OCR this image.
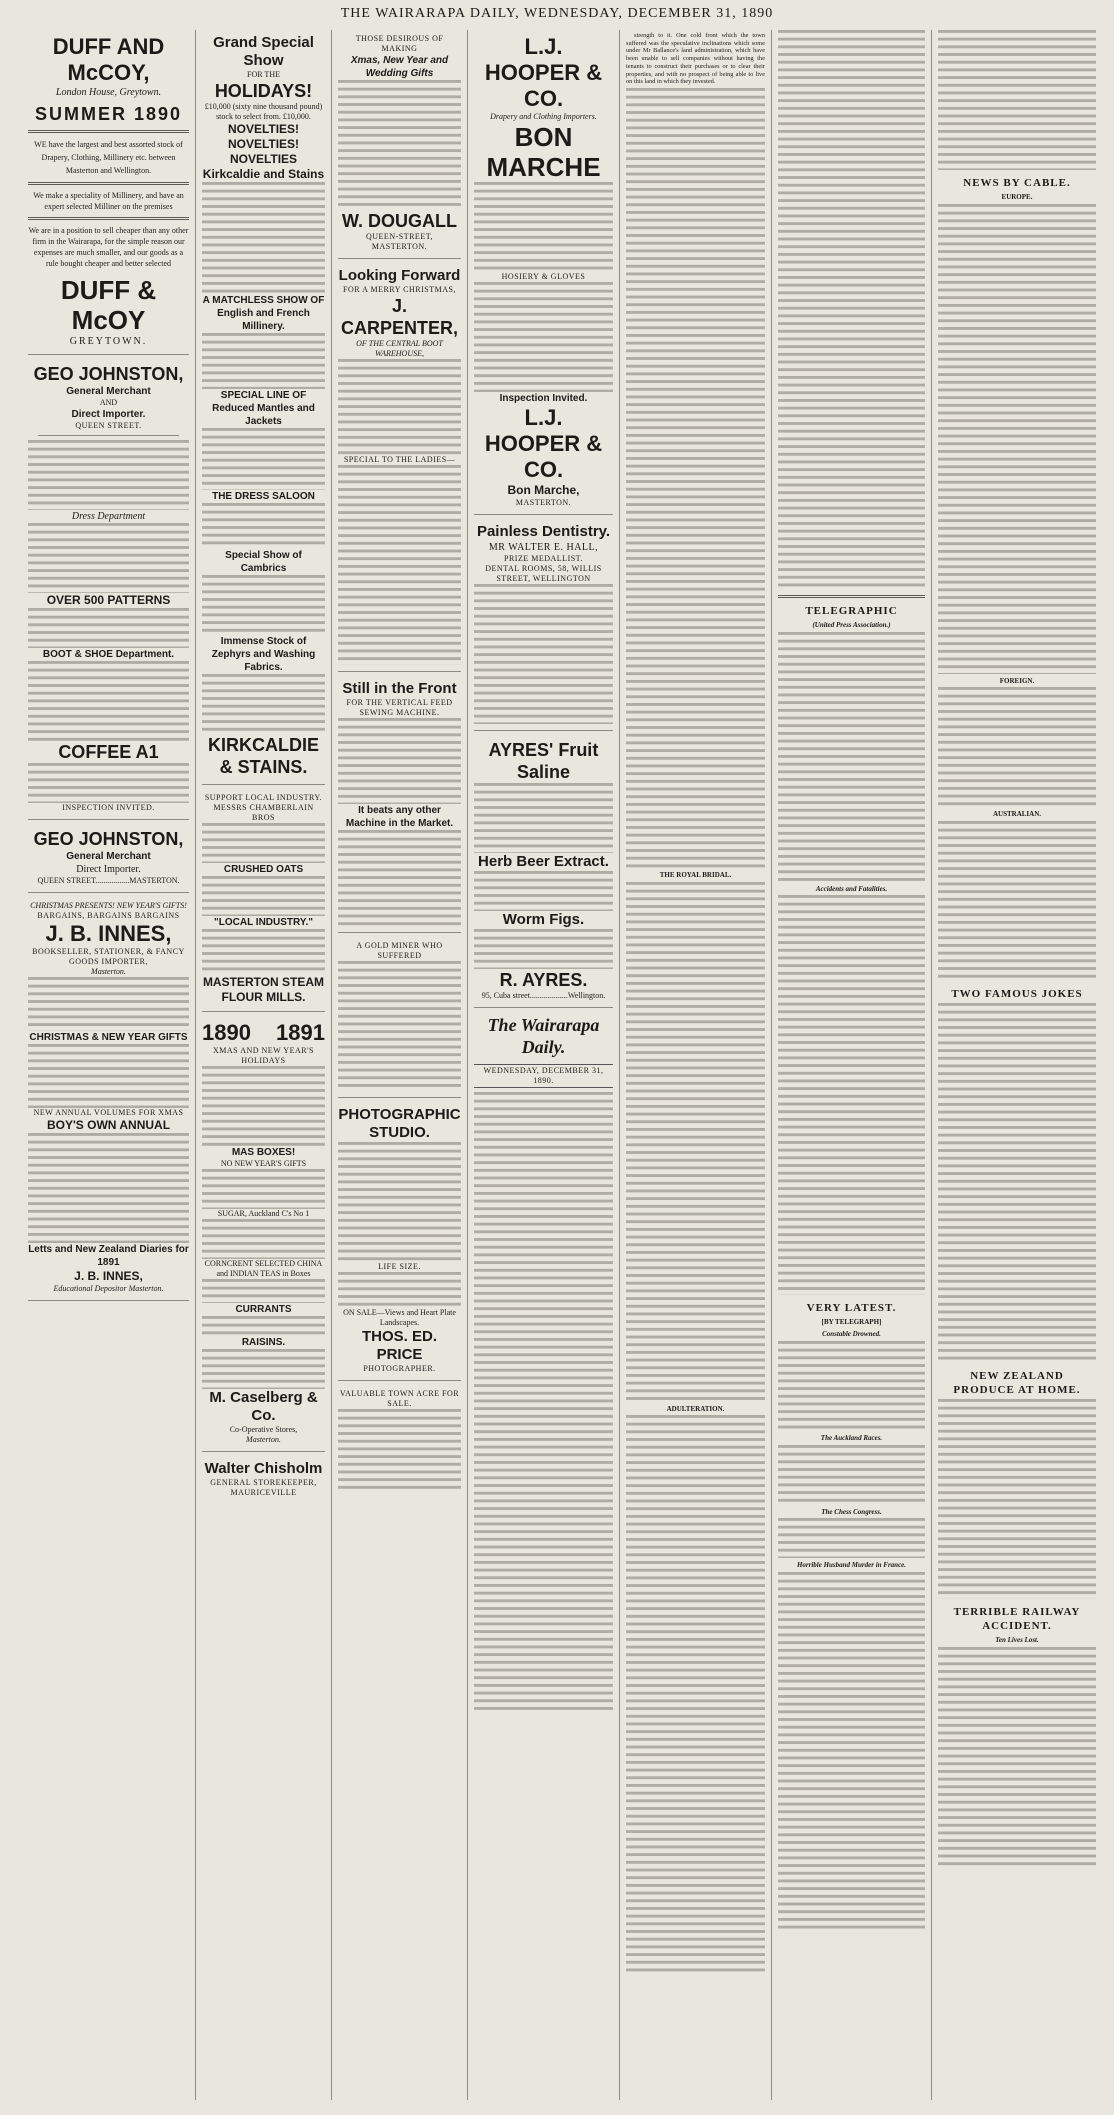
THE WAIRARAPA DAILY, WEDNESDAY, DECEMBER 31, 1890
DUFF AND McCOY,
London House, Greytown.
SUMMER 1890
WE have the largest and best assorted stock of Drapery, Clothing, Millinery etc. between Masterton and Wellington.
We make a speciality of Millinery, and have an expert selected Milliner on the premises
We are in a position to sell cheaper than any other firm in the Wairarapa, for the simple reason our expenses are much smaller, and our goods as a rule bought cheaper and better selected
DUFF & McOY
GREYTOWN.
GEO JOHNSTON,
General Merchant
AND
Direct Importer.
QUEEN STREET.
Dress Department
OVER 500 PATTERNS
BOOT & SHOE Department.
COFFEE A1
INSPECTION INVITED.
GEO JOHNSTON,
General Merchant
Direct Importer.
QUEEN STREET.................MASTERTON.
CHRISTMAS PRESENTS! NEW YEAR'S GIFTS!
BARGAINS, BARGAINS BARGAINS
J. B. INNES,
BOOKSELLER, STATIONER, & FANCY GOODS IMPORTER,
Masterton.
CHRISTMAS & NEW YEAR GIFTS
NEW ANNUAL VOLUMES FOR XMAS
BOY'S OWN ANNUAL
Letts and New Zealand Diaries for 1891
J. B. INNES,
Educational Depositor Masterton.
Grand Special Show
FOR THE
HOLIDAYS!
£10,000 (sixty nine thousand pound) stock to select from. £10,000.
NOVELTIES!
NOVELTIES!
NOVELTIES
Kirkcaldie and Stains
A MATCHLESS SHOW OF English and French Millinery.
SPECIAL LINE OF Reduced Mantles and Jackets
THE DRESS SALOON
Special Show of Cambrics
Immense Stock of Zephyrs and Washing Fabrics.
KIRKCALDIE & STAINS.
SUPPORT LOCAL INDUSTRY.
MESSRS CHAMBERLAIN BROS
CRUSHED OATS
"LOCAL INDUSTRY."
MASTERTON STEAM FLOUR MILLS.
1890 1891
XMAS AND NEW YEAR'S HOLIDAYS
MAS BOXES!
NO NEW YEAR'S GIFTS
SUGAR, Auckland C's No 1
CORNCRENT SELECTED CHINA and INDIAN TEAS in Boxes
CURRANTS
RAISINS.
M. Caselberg & Co.
Co-Operative Stores,
Masterton.
Walter Chisholm
GENERAL STOREKEEPER,
MAURICEVILLE
THOSE DESIROUS OF MAKING
Xmas, New Year and Wedding Gifts
W. DOUGALL
QUEEN-STREET,
MASTERTON.
Looking Forward
FOR A MERRY CHRISTMAS,
J. CARPENTER,
OF THE CENTRAL BOOT WAREHOUSE,
SPECIAL TO THE LADIES—
Still in the Front
FOR THE VERTICAL FEED SEWING MACHINE.
It beats any other Machine in the Market.
A GOLD MINER WHO SUFFERED
PHOTOGRAPHIC STUDIO.
LIFE SIZE.
ON SALE—Views and Heart Plate Landscapes.
THOS. ED. PRICE
PHOTOGRAPHER.
VALUABLE TOWN ACRE FOR SALE.
L.J. HOOPER & CO.
Drapery and Clothing Importers.
BON MARCHE
HOSIERY & GLOVES
Inspection Invited.
L.J. HOOPER & CO.
Bon Marche,
MASTERTON.
Painless Dentistry.
MR WALTER E. HALL,
PRIZE MEDALLIST.
DENTAL ROOMS, 58, WILLIS STREET, WELLINGTON
AYRES' Fruit Saline
Herb Beer Extract.
Worm Figs.
R. AYRES.
95, Cuba street...................Wellington.
The Wairarapa Daily.
WEDNESDAY, DECEMBER 31, 1890.
strength to it. One cold front which the town suffered was the speculative inclinations which some under Mr Ballance's land administration, which have been unable to sell companies without having the tenants to construct their purchases or to clear their properties, and with no prospect of being able to live on this land in which they invested.
THE ROYAL BRIDAL.
ADULTERATION.
TELEGRAPHIC
(United Press Association.)
Accidents and Fatalities.
VERY LATEST.
[BY TELEGRAPH]
Constable Drowned.
The Auckland Races.
The Chess Congress.
Horrible Husband Murder in France.
NEWS BY CABLE.
EUROPE.
FOREIGN.
AUSTRALIAN.
TWO FAMOUS JOKES
NEW ZEALAND PRODUCE AT HOME.
TERRIBLE RAILWAY ACCIDENT.
Ten Lives Lost.
